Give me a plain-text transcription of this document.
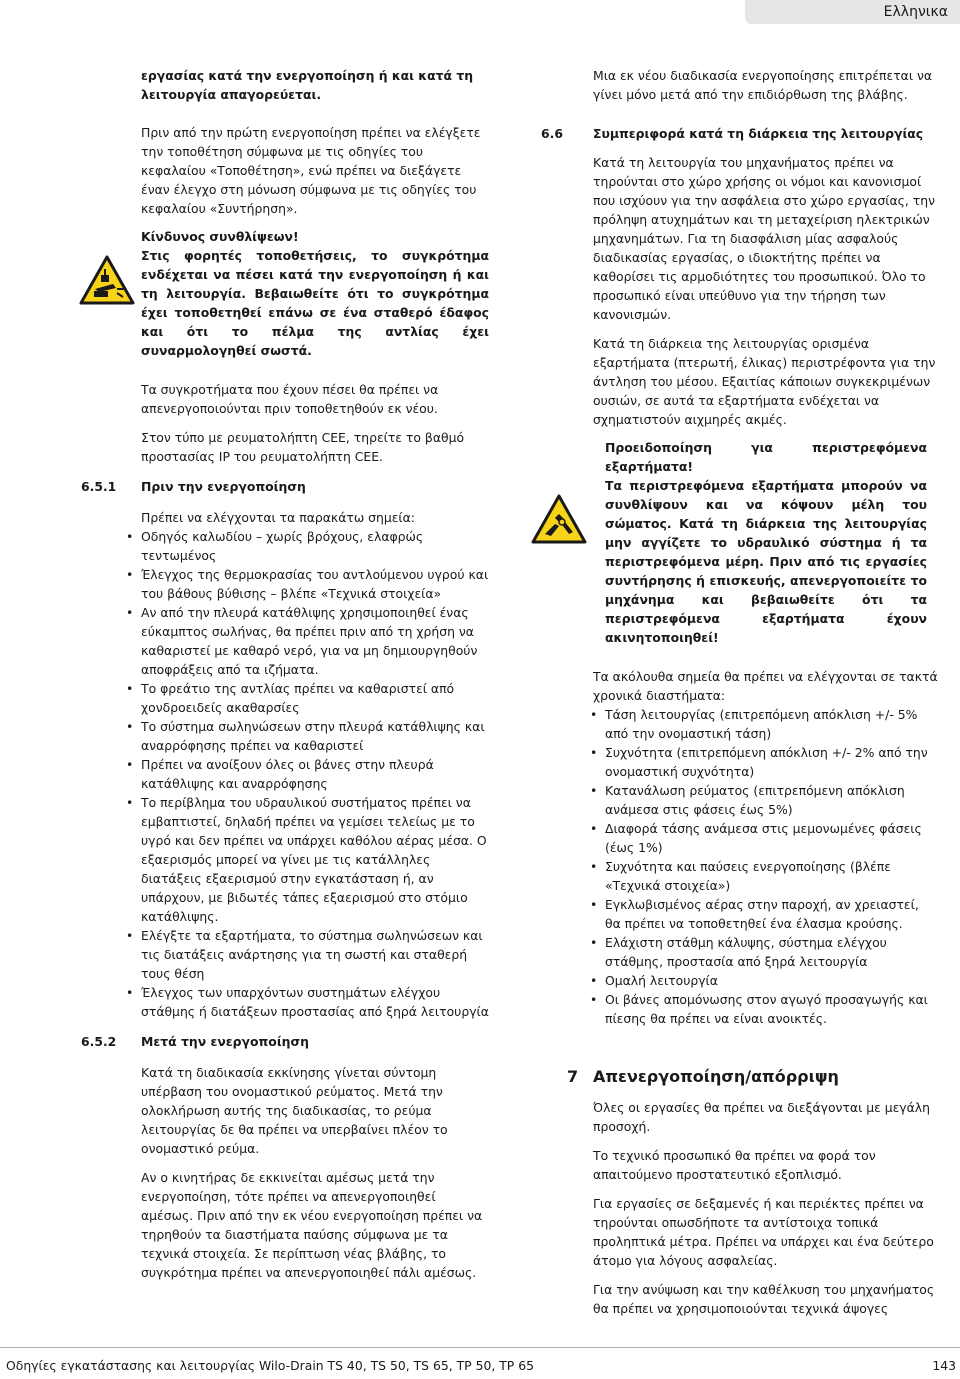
Ελληνικα

εργασίας κατά την ενεργοποίηση ή και κατά τη λειτουργία απαγορεύεται.

Πριν από την πρώτη ενεργοποίηση πρέπει να ελέγξετε την τοποθέτηση σύμφωνα με τις οδηγίες του κεφαλαίου «Τοποθέτηση», ενώ πρέπει να διεξάγετε έναν έλεγχο στη μόνωση σύμφωνα με τις οδηγίες του κεφαλαίου «Συντήρηση».

Κίνδυνος συνθλίψεων!

Στις φορητές τοποθετήσεις, το συγκρότημα ενδέχεται να πέσει κατά την ενεργοποίηση ή και τη λειτουργία. Βεβαιωθείτε ότι το συγκρότημα έχει τοποθετηθεί επάνω σε ένα σταθερό έδαφος και ότι το πέλμα της αντλίας έχει συναρμολογηθεί σωστά.

Τα συγκροτήματα που έχουν πέσει θα πρέπει να απενεργοποιούνται πριν τοποθετηθούν εκ νέου.

Στον τύπο με ρευματολήπτη CEE, τηρείτε το βαθμό προστασίας IP του ρευματολήπτη CEE.

6.5.1 Πριν την ενεργοποίηση

Πρέπει να ελέγχονται τα παρακάτω σημεία:

• Οδηγός καλωδίου – χωρίς βρόχους, ελαφρώς τεντωμένος
• Έλεγχος της θερμοκρασίας του αντλούμενου υγρού και του βάθους βύθισης – βλέπε «Τεχνικά στοιχεία»
• Αν από την πλευρά κατάθλιψης χρησιμοποιηθεί ένας εύκαμπτος σωλήνας, θα πρέπει πριν από τη χρήση να καθαριστεί με καθαρό νερό, για να μη δημιουργηθούν αποφράξεις από τα ιζήματα.
• Το φρεάτιο της αντλίας πρέπει να καθαριστεί από χονδροειδείς ακαθαρσίες
• Το σύστημα σωληνώσεων στην πλευρά κατάθλιψης και αναρρόφησης πρέπει να καθαριστεί
• Πρέπει να ανοίξουν όλες οι βάνες στην πλευρά κατάθλιψης και αναρρόφησης
• Το περίβλημα του υδραυλικού συστήματος πρέπει να εμβαπτιστεί, δηλαδή πρέπει να γεμίσει τελείως με το υγρό και δεν πρέπει να υπάρχει καθόλου αέρας μέσα. Ο εξαερισμός μπορεί να γίνει με τις κατάλληλες διατάξεις εξαερισμού στην εγκατάσταση ή, αν υπάρχουν, με βιδωτές τάπες εξαερισμού στο στόμιο κατάθλιψης.
• Ελέγξτε τα εξαρτήματα, το σύστημα σωληνώσεων και τις διατάξεις ανάρτησης για τη σωστή και σταθερή τους θέση
• Έλεγχος των υπαρχόντων συστημάτων ελέγχου στάθμης ή διατάξεων προστασίας από ξηρά λειτουργία
6.5.2 Μετά την ενεργοποίηση

Κατά τη διαδικασία εκκίνησης γίνεται σύντομη υπέρβαση του ονομαστικού ρεύματος. Μετά την ολοκλήρωση αυτής της διαδικασίας, το ρεύμα λειτουργίας δε θα πρέπει να υπερβαίνει πλέον το ονομαστικό ρεύμα.

Αν ο κινητήρας δε εκκινείται αμέσως μετά την ενεργοποίηση, τότε πρέπει να απενεργοποιηθεί αμέσως. Πριν από την εκ νέου ενεργοποίηση πρέπει να τηρηθούν τα διαστήματα παύσης σύμφωνα με τα τεχνικά στοιχεία. Σε περίπτωση νέας βλάβης, το συγκρότημα πρέπει να απενεργοποιηθεί πάλι αμέσως.

Μια εκ νέου διαδικασία ενεργοποίησης επιτρέπεται να γίνει μόνο μετά από την επιδιόρθωση της βλάβης.

6.6 Συμπεριφορά κατά τη διάρκεια της λειτουργίας

Κατά τη λειτουργία του μηχανήματος πρέπει να τηρούνται στο χώρο χρήσης οι νόμοι και κανονισμοί που ισχύουν για την ασφάλεια στο χώρο εργασίας, την πρόληψη ατυχημάτων και τη μεταχείριση ηλεκτρικών μηχανημάτων. Για τη διασφάλιση μίας ασφαλούς διαδικασίας εργασίας, ο ιδιοκτήτης πρέπει να καθορίσει τις αρμοδιότητες του προσωπικού. Όλο το προσωπικό είναι υπεύθυνο για την τήρηση των κανονισμών.

Κατά τη διάρκεια της λειτουργίας ορισμένα εξαρτήματα (πτερωτή, έλικας) περιστρέφοντα για την άντληση του μέσου. Εξαιτίας κάποιων συγκεκριμένων ουσιών, σε αυτά τα εξαρτήματα ενδέχεται να σχηματιστούν αιχμηρές ακμές.

Προειδοποίηση για περιστρεφόμενα εξαρτήματα!

Τα περιστρεφόμενα εξαρτήματα μπορούν να συνθλίψουν και να κόψουν μέλη του σώματος. Κατά τη διάρκεια της λειτουργίας μην αγγίζετε το υδραυλικό σύστημα ή τα περιστρεφόμενα μέρη. Πριν από τις εργασίες συντήρησης ή επισκευής, απενεργοποιείτε το μηχάνημα και βεβαιωθείτε ότι τα περιστρεφόμενα εξαρτήματα έχουν ακινητοποιηθεί!

Τα ακόλουθα σημεία θα πρέπει να ελέγχονται σε τακτά χρονικά διαστήματα:

• Τάση λειτουργίας (επιτρεπόμενη απόκλιση +/- 5% από την ονομαστική τάση)
• Συχνότητα (επιτρεπόμενη απόκλιση +/- 2% από την ονομαστική συχνότητα)
• Κατανάλωση ρεύματος (επιτρεπόμενη απόκλιση ανάμεσα στις φάσεις έως 5%)
• Διαφορά τάσης ανάμεσα στις μεμονωμένες φάσεις (έως 1%)
• Συχνότητα και παύσεις ενεργοποίησης (βλέπε «Τεχνικά στοιχεία»)
• Εγκλωβισμένος αέρας στην παροχή, αν χρειαστεί, θα πρέπει να τοποθετηθεί ένα έλασμα κρούσης.
• Ελάχιστη στάθμη κάλυψης, σύστημα ελέγχου στάθμης, προστασία από ξηρά λειτουργία
• Ομαλή λειτουργία
• Οι βάνες απομόνωσης στον αγωγό προσαγωγής και πίεσης θα πρέπει να είναι ανοικτές.
7 Απενεργοποίηση/απόρριψη

Όλες οι εργασίες θα πρέπει να διεξάγονται με μεγάλη προσοχή.

Το τεχνικό προσωπικό θα πρέπει να φορά τον απαιτούμενο προστατευτικό εξοπλισμό.

Για εργασίες σε δεξαμενές ή και περιέκτες πρέπει να τηρούνται οπωσδήποτε τα αντίστοιχα τοπικά προληπτικά μέτρα. Πρέπει να υπάρχει και ένα δεύτερο άτομο για λόγους ασφαλείας.

Για την ανύψωση και την καθέλκυση του μηχανήματος θα πρέπει να χρησιμοποιούνται τεχνικά άψογες

Οδηγίες εγκατάστασης και λειτουργίας Wilo-Drain TS 40, TS 50, TS 65, TP 50, TP 65	143
